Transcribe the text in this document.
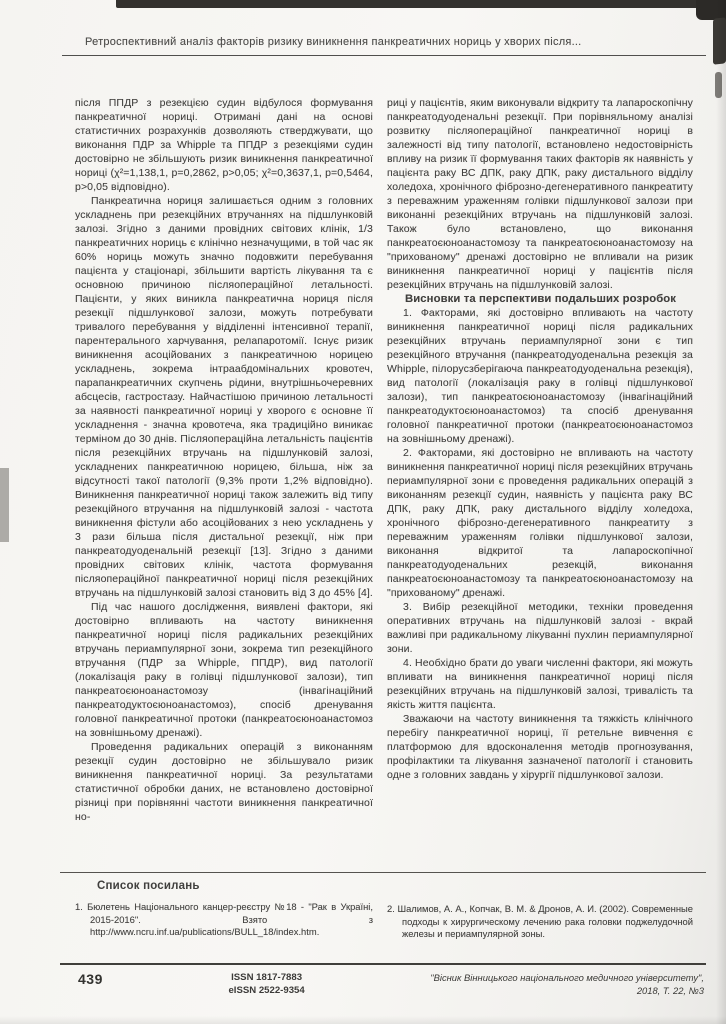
Ретроспективний аналіз факторів ризику виникнення панкреатичних нориць у хворих після...

після ППДР з резекцією судин відбулося формування панкреатичної нориці. Отримані дані на основі статистичних розрахунків дозволяють стверджувати, що виконання ПДР за Whipple та ППДР з резекціями судин достовірно не збільшують ризик виникнення панкреатичної нориці (χ²=1,138,1, p=0,2862, p>0,05; χ²=0,3637,1, p=0,5464, p>0,05 відповідно).

Панкреатична нориця залишається одним з головних ускладнень при резекційних втручаннях на підшлунковій залозі. Згідно з даними провідних світових клінік, 1/3 панкреатичних нориць є клінічно незначущими, в той час як 60% нориць можуть значно подовжити перебування пацієнта у стаціонарі, збільшити вартість лікування та є основною причиною післяопераційної летальності. Пацієнти, у яких виникла панкреатична нориця після резекції підшлункової залози, можуть потребувати тривалого перебування у відділенні інтенсивної терапії, парентерального харчування, релапаротомії. Існує ризик виникнення асоційованих з панкреатичною норицею ускладнень, зокрема інтраабдомінальних кровотеч, парапанкреатичних скупчень рідини, внутрішньочеревних абсцесів, гастростазу. Найчастішою причиною летальності за наявності панкреатичної нориці у хворого є основне її ускладнення - значна кровотеча, яка традиційно виникає терміном до 30 днів. Післяопераційна летальність пацієнтів після резекційних втручань на підшлунковій залозі, ускладнених панкреатичною норицею, більша, ніж за відсутності такої патології (9,3% проти 1,2% відповідно). Виникнення панкреатичної нориці також залежить від типу резекційного втручання на підшлунковій залозі - частота виникнення фістули або асоційованих з нею ускладнень у 3 рази більша після дистальної резекції, ніж при панкреатодуоденальній резекції [13]. Згідно з даними провідних світових клінік, частота формування післяопераційної панкреатичної нориці після резекційних втручань на підшлунковій залозі становить від 3 до 45% [4].

Під час нашого дослідження, виявлені фактори, які достовірно впливають на частоту виникнення панкреатичної нориці після радикальних резекційних втручань периампулярної зони, зокрема тип резекційного втручання (ПДР за Whipple, ППДР), вид патології (локалізація раку в голівці підшлункової залози), тип панкреатоєюноанастомозу (інвагінаційний панкреатодуктоєюноанастомоз), спосіб дренування головної панкреатичної протоки (панкреатоєюноанастомоз на зовнішньому дренажі).

Проведення радикальних операцій з виконанням резекції судин достовірно не збільшувало ризик виникнення панкреатичної нориці. За результатами статистичної обробки даних, не встановлено достовірної різниці при порівнянні частоти виникнення панкреатичної но-

риці у пацієнтів, яким виконували відкриту та лапароскопічну панкреатодуоденальні резекції. При порівняльному аналізі розвитку післяопераційної панкреатичної нориці в залежності від типу патології, встановлено недостовірність впливу на ризик її формування таких факторів як наявність у пацієнта раку ВС ДПК, раку ДПК, раку дистального відділу холедоха, хронічного фіброзно-дегенеративного панкреатиту з переважним ураженням голівки підшлункової залози при виконанні резекційних втручань на підшлунковій залозі. Також було встановлено, що виконання панкреатоєюноанастомозу та панкреатоєюноанастомозу на "прихованому" дренажі достовірно не впливали на ризик виникнення панкреатичної нориці у пацієнтів після резекційних втручань на підшлунковій залозі.

Висновки та перспективи подальших розробок

1. Факторами, які достовірно впливають на частоту виникнення панкреатичної нориці після радикальних резекційних втручань периампулярної зони є тип резекційного втручання (панкреатодуоденальна резекція за Whipple, пілорусзберігаюча панкреатодуоденальна резекція), вид патології (локалізація раку в голівці підшлункової залози), тип панкреатоєюноанастомозу (інвагінаційний панкреатодуктоєюноанастомоз) та спосіб дренування головної панкреатичної протоки (панкреатоєюноанастомоз на зовнішньому дренажі).

2. Факторами, які достовірно не впливають на частоту виникнення панкреатичної нориці після резекційних втручань периампулярної зони є проведення радикальних операцій з виконанням резекції судин, наявність у пацієнта раку ВС ДПК, раку ДПК, раку дистального відділу холедоха, хронічного фіброзно-дегенеративного панкреатиту з переважним ураженням голівки підшлункової залози, виконання відкритої та лапароскопічної панкреатодуоденальних резекцій, виконання панкреатоєюноанастомозу та панкреатоєюноанастомозу на "прихованому" дренажі.

3. Вибір резекційної методики, техніки проведення оперативних втручань на підшлунковій залозі - вкрай важливі при радикальному лікуванні пухлин периампулярної зони.

4. Необхідно брати до уваги численні фактори, які можуть впливати на виникнення панкреатичної нориці після резекційних втручань на підшлунковій залозі, тривалість та якість життя пацієнта.

Зважаючи на частоту виникнення та тяжкість клінічного перебігу панкреатичної нориці, її ретельне вивчення є платформою для вдосконалення методів прогнозування, профілактики та лікування зазначеної патології і становить одне з головних завдань у хірургії підшлункової залози.

Список посилань

1. Бюлетень Національного канцер-реєстру №18 - "Рак в Україні, 2015-2016". Взято з http://www.ncru.inf.ua/publications/BULL_18/index.htm.

2. Шалимов, А. А., Копчак, В. М. & Дронов, А. И. (2002). Современные подходы к хирургическому лечению рака головки поджелудочной железы и периампулярной зоны.

439	ISSN 1817-7883
eISSN 2522-9354
"Вісник Вінницького національного медичного університету",
2018, Т. 22, №3
